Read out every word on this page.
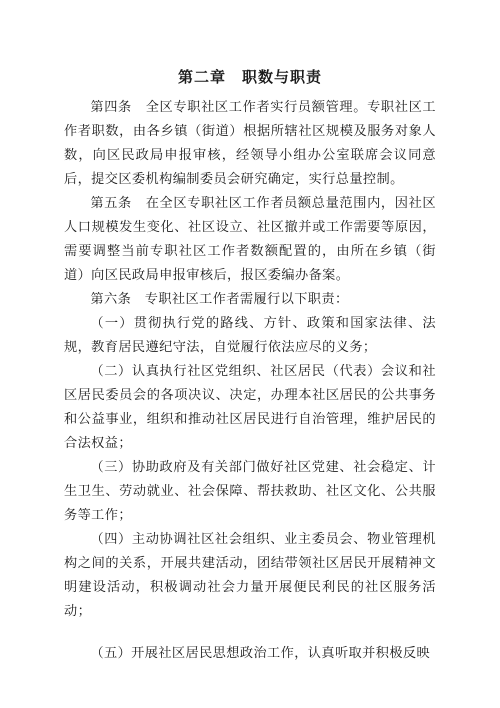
第二章　职数与职责

第四条　全区专职社区工作者实行员额管理。专职社区工作者职数，由各乡镇（街道）根据所辖社区规模及服务对象人数，向区民政局申报审核，经领导小组办公室联席会议同意后，提交区委机构编制委员会研究确定，实行总量控制。

第五条　在全区专职社区工作者员额总量范围内，因社区人口规模发生变化、社区设立、社区撤并或工作需要等原因，需要调整当前专职社区工作者数额配置的，由所在乡镇（街道）向区民政局申报审核后，报区委编办备案。

第六条　专职社区工作者需履行以下职责：

（一）贯彻执行党的路线、方针、政策和国家法律、法规，教育居民遵纪守法，自觉履行依法应尽的义务；

（二）认真执行社区党组织、社区居民（代表）会议和社区居民委员会的各项决议、决定，办理本社区居民的公共事务和公益事业，组织和推动社区居民进行自治管理，维护居民的合法权益；

（三）协助政府及有关部门做好社区党建、社会稳定、计生卫生、劳动就业、社会保障、帮扶救助、社区文化、公共服务等工作；

（四）主动协调社区社会组织、业主委员会、物业管理机构之间的关系，开展共建活动，团结带领社区居民开展精神文明建设活动，积极调动社会力量开展便民利民的社区服务活动；

（五）开展社区居民思想政治工作，认真听取并积极反映
